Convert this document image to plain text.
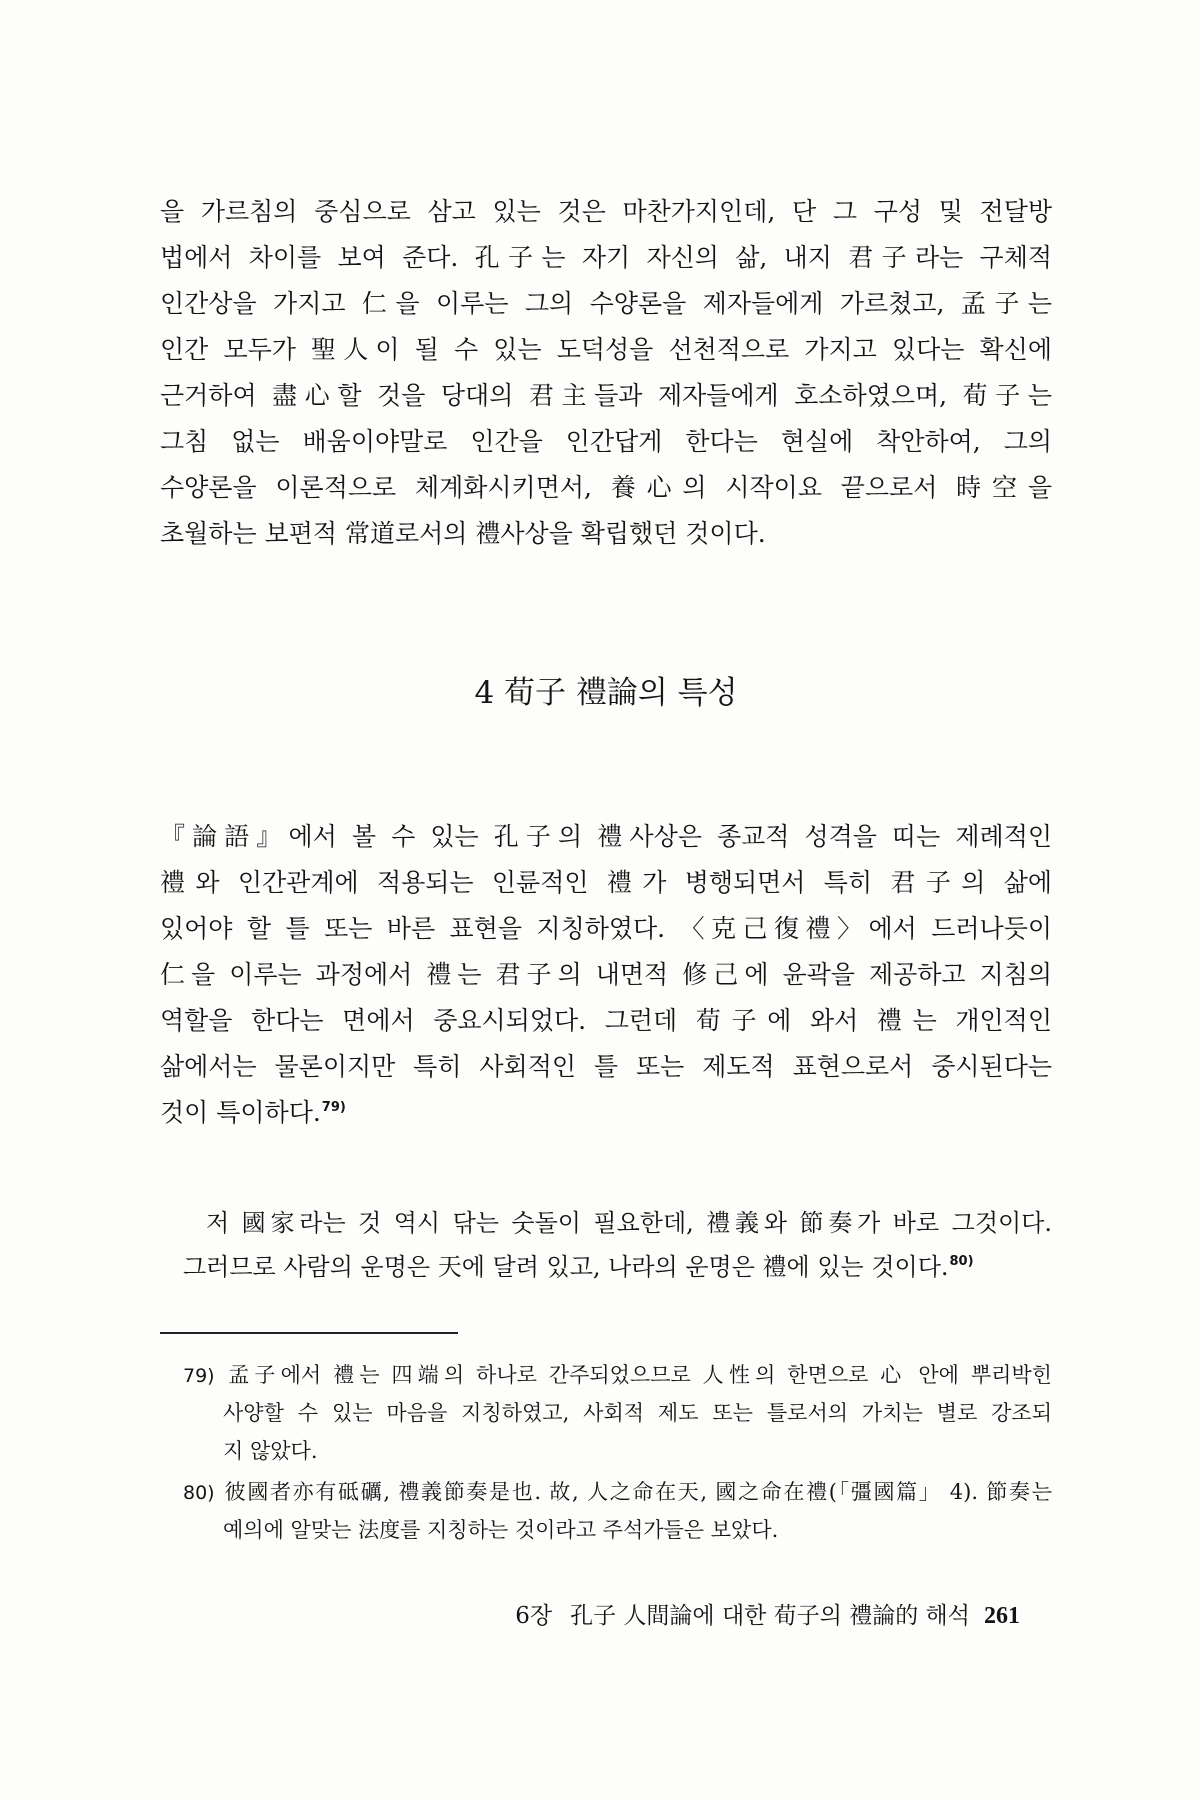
을 가르침의 중심으로 삼고 있는 것은 마찬가지인데, 단 그 구성 및 전달방
법에서 차이를 보여 준다. 孔子는 자기 자신의 삶, 내지 君子라는 구체적
인간상을 가지고 仁을 이루는 그의 수양론을 제자들에게 가르쳤고, 孟子는
인간 모두가 聖人이 될 수 있는 도덕성을 선천적으로 가지고 있다는 확신에
근거하여 盡心할 것을 당대의 君主들과 제자들에게 호소하였으며, 荀子는
그침 없는 배움이야말로 인간을 인간답게 한다는 현실에 착안하여, 그의
수양론을 이론적으로 체계화시키면서, 養心의 시작이요 끝으로서 時空을
초월하는 보편적 常道로서의 禮사상을 확립했던 것이다.
4 荀子 禮論의 특성
『論語』에서 볼 수 있는 孔子의 禮사상은 종교적 성격을 띠는 제례적인
禮와 인간관계에 적용되는 인륜적인 禮가 병행되면서 특히 君子의 삶에
있어야 할 틀 또는 바른 표현을 지칭하였다. 〈克己復禮〉에서 드러나듯이
仁을 이루는 과정에서 禮는 君子의 내면적 修己에 윤곽을 제공하고 지침의
역할을 한다는 면에서 중요시되었다. 그런데 荀子에 와서 禮는 개인적인
삶에서는 물론이지만 특히 사회적인 틀 또는 제도적 표현으로서 중시된다는
것이 특이하다.79)
저 國家라는 것 역시 닦는 숫돌이 필요한데, 禮義와 節奏가 바로 그것이다.
그러므로 사람의 운명은 天에 달려 있고, 나라의 운명은 禮에 있는 것이다.80)
79) 孟子에서 禮는 四端의 하나로 간주되었으므로 人性의 한면으로 心 안에 뿌리박힌
사양할 수 있는 마음을 지칭하였고, 사회적 제도 또는 틀로서의 가치는 별로 강조되
지 않았다.
80) 彼國者亦有砥礪, 禮義節奏是也. 故, 人之命在天, 國之命在禮(「彊國篇」 4). 節奏는
예의에 알맞는 法度를 지칭하는 것이라고 주석가들은 보았다.
6장 孔子 人間論에 대한 荀子의 禮論的 해석 261
